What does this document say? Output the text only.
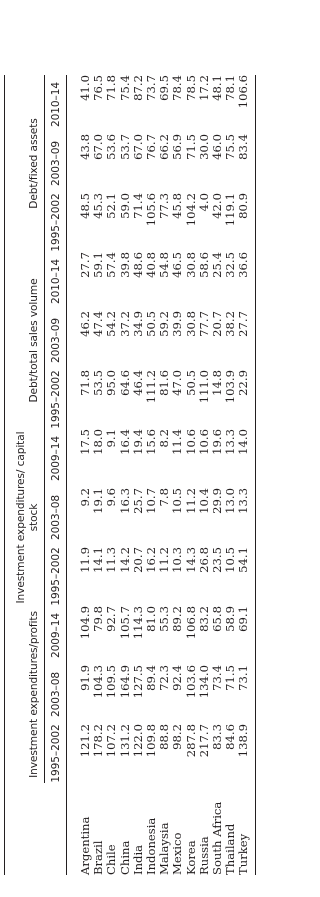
	Investment expenditures/profits			Investment expenditures/ capital stock			Debt/total sales volume			Debt/fixed assets		
	1995–2002	2003–08	2009–14	1995–2002	2003–08	2009–14	1995–2002	2003–09	2010–14	1995–2002	2003–09	2010–14

Argentina	121.2	91.9	104.9	11.9	9.2	17.5	71.8	46.2	27.7	48.5	43.8	41.0
Brazil	178.2	104.3	79.8	14.1	19.1	18.0	53.5	47.4	59.1	45.3	67.0	76.5
Chile	107.2	109.5	92.7	11.3	9.6	9.1	95.0	54.2	57.4	52.1	53.6	71.8
China	131.2	164.9	105.7	14.2	16.3	16.4	64.6	37.2	39.8	59.0	53.7	75.4
India	122.0	127.5	114.3	20.7	25.7	19.4	46.4	34.9	48.6	71.4	67.0	87.2
Indonesia	109.8	89.4	81.0	16.2	10.7	15.6	111.2	50.5	40.8	105.6	76.7	73.7
Malaysia	88.8	72.3	55.3	11.2	7.8	8.2	81.6	59.2	54.8	77.3	66.2	69.5
Mexico	98.2	92.4	89.2	10.3	10.5	11.4	47.0	39.9	46.5	45.8	56.9	78.4
Korea	287.8	103.6	106.8	14.3	11.2	10.6	50.5	30.8	30.8	104.2	71.5	78.5
Russia	217.7	134.0	83.2	26.8	10.4	10.6	111.0	77.7	58.6	4.0	30.0	17.2
South Africa	83.3	73.4	65.8	23.5	29.9	19.6	14.8	20.7	25.4	42.0	46.0	48.1
Thailand	84.6	71.5	58.9	10.5	13.0	13.3	103.9	38.2	32.5	119.1	75.5	78.1
Turkey	138.9	73.1	69.1	54.1	13.3	14.0	22.9	27.7	36.6	80.9	83.4	106.6
